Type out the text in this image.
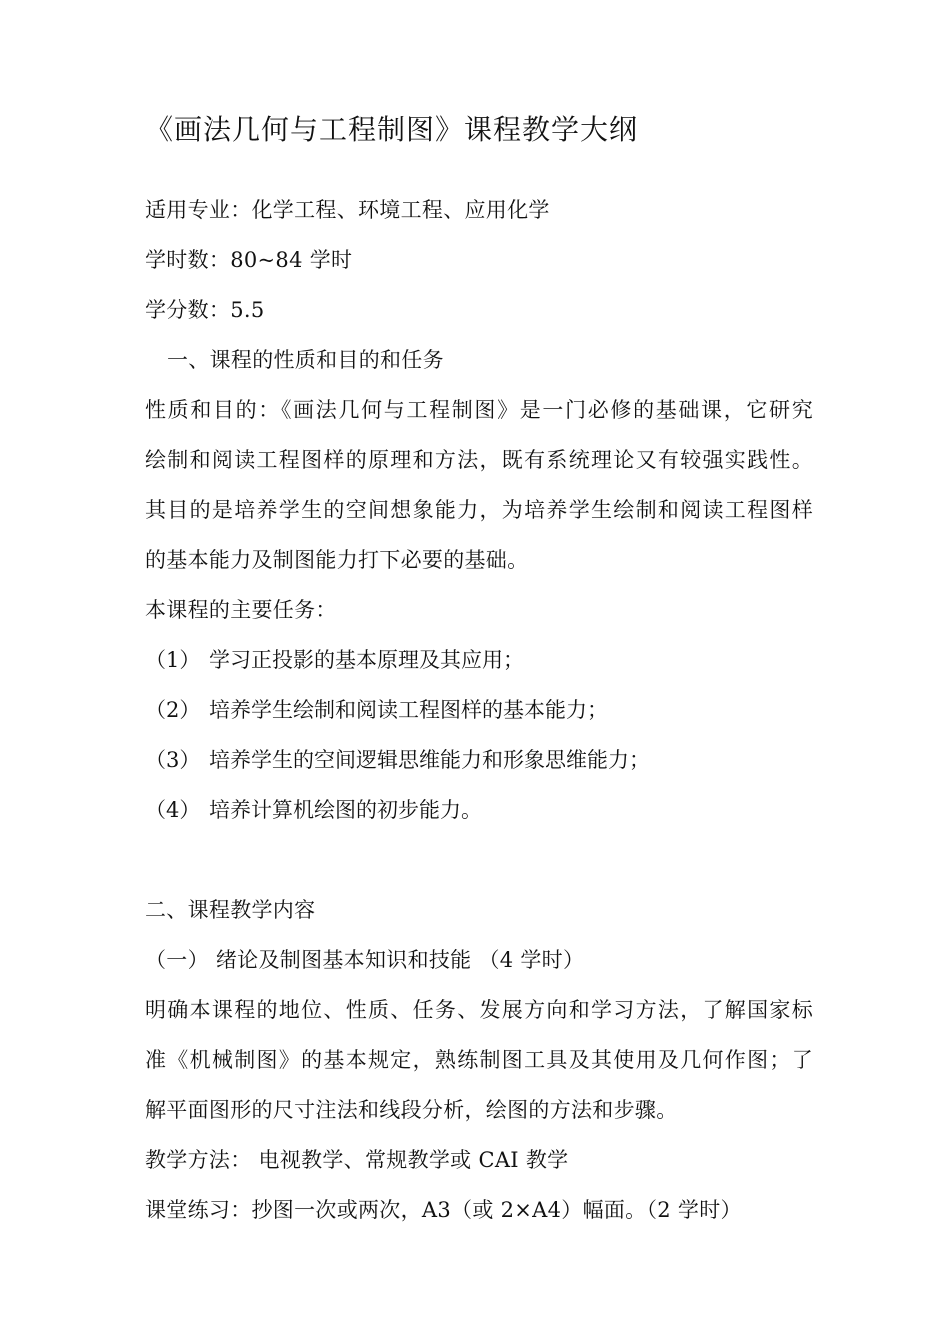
《画法几何与工程制图》课程教学大纲
适用专业：化学工程、环境工程、应用化学
学时数：80~84 学时
学分数：5.5
一、课程的性质和目的和任务
性质和目的：《画法几何与工程制图》是一门必修的基础课，它研究
绘制和阅读工程图样的原理和方法，既有系统理论又有较强实践性。
其目的是培养学生的空间想象能力，为培养学生绘制和阅读工程图样
的基本能力及制图能力打下必要的基础。
本课程的主要任务：
（1） 学习正投影的基本原理及其应用；
（2） 培养学生绘制和阅读工程图样的基本能力；
（3） 培养学生的空间逻辑思维能力和形象思维能力；
（4） 培养计算机绘图的初步能力。
二、课程教学内容
（一） 绪论及制图基本知识和技能 （4 学时）
明确本课程的地位、性质、任务、发展方向和学习方法，了解国家标
准《机械制图》的基本规定，熟练制图工具及其使用及几何作图；了
解平面图形的尺寸注法和线段分析，绘图的方法和步骤。
教学方法： 电视教学、常规教学或 CAI 教学
课堂练习：抄图一次或两次，A3（或 2×A4）幅面。（2 学时）
